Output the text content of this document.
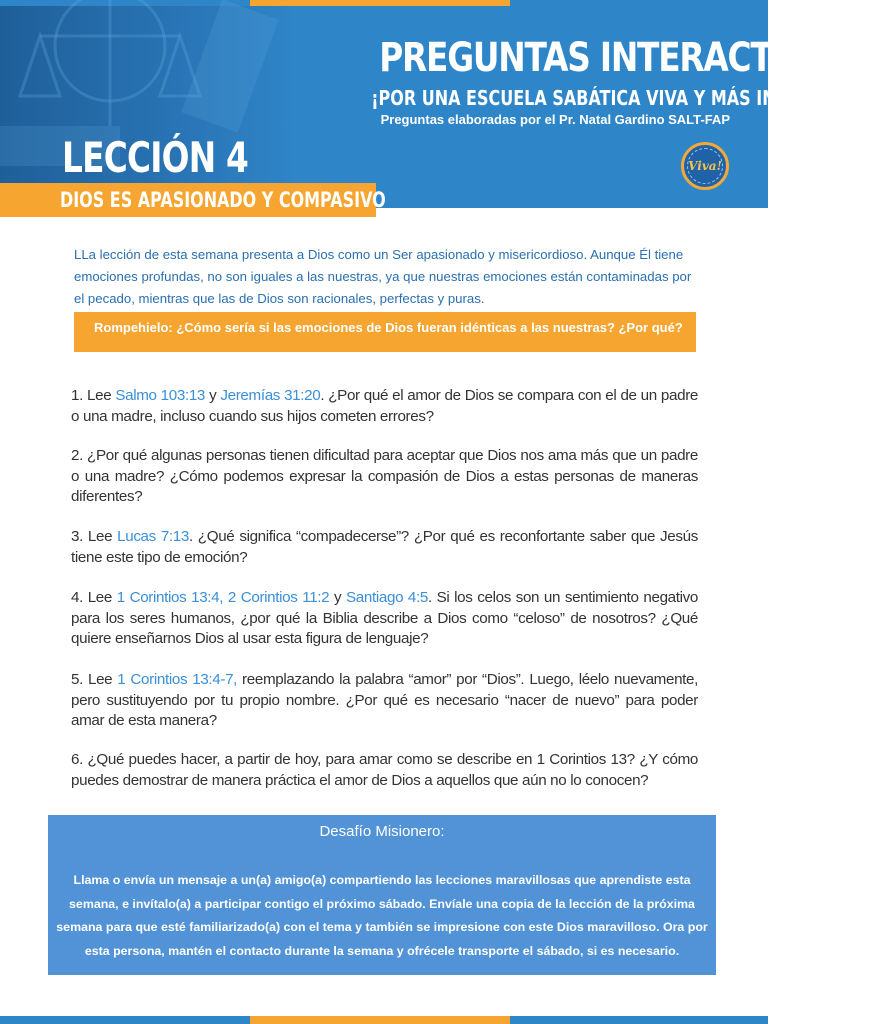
PREGUNTAS INTERACTIVAS
¡POR UNA ESCUELA SABÁTICA VIVA Y MÁS INTERACTIVA!
Preguntas elaboradas por el Pr. Natal Gardino SALT-FAP
LECCIÓN 4	Viva!
DIOS ES APASIONADO Y COMPASIVO

LLa lección de esta semana presenta a Dios como un Ser apasionado y misericordioso. Aunque Él tiene emociones profundas, no son iguales a las nuestras, ya que nuestras emociones están contaminadas por el pecado, mientras que las de Dios son racionales, perfectas y puras.

Rompehielo: ¿Cómo sería si las emociones de Dios fueran idénticas a las nuestras? ¿Por qué?

1. Lee Salmo 103:13 y Jeremías 31:20. ¿Por qué el amor de Dios se compara con el de un padre o una madre, incluso cuando sus hijos cometen errores?

2. ¿Por qué algunas personas tienen dificultad para aceptar que Dios nos ama más que un padre o una madre? ¿Cómo podemos expresar la compasión de Dios a estas personas de maneras diferentes?

3. Lee Lucas 7:13. ¿Qué significa “compadecerse”? ¿Por qué es reconfortante saber que Jesús tiene este tipo de emoción?

4. Lee 1 Corintios 13:4, 2 Corintios 11:2 y Santiago 4:5. Si los celos son un sentimiento negativo para los seres humanos, ¿por qué la Biblia describe a Dios como “celoso” de nosotros? ¿Qué quiere enseñarnos Dios al usar esta figura de lenguaje?

5. Lee 1 Corintios 13:4-7, reemplazando la palabra “amor” por “Dios”. Luego, léelo nuevamente, pero sustituyendo por tu propio nombre. ¿Por qué es necesario “nacer de nuevo” para poder amar de esta manera?

6. ¿Qué puedes hacer, a partir de hoy, para amar como se describe en 1 Corintios 13? ¿Y cómo puedes demostrar de manera práctica el amor de Dios a aquellos que aún no lo conocen?

Desafío Misionero:

Llama o envía un mensaje a un(a) amigo(a) compartiendo las lecciones maravillosas que aprendiste esta semana, e invítalo(a) a participar contigo el próximo sábado. Envíale una copia de la lección de la próxima semana para que esté familiarizado(a) con el tema y también se impresione con este Dios maravilloso. Ora por esta persona, mantén el contacto durante la semana y ofrécele transporte el sábado, si es necesario.
